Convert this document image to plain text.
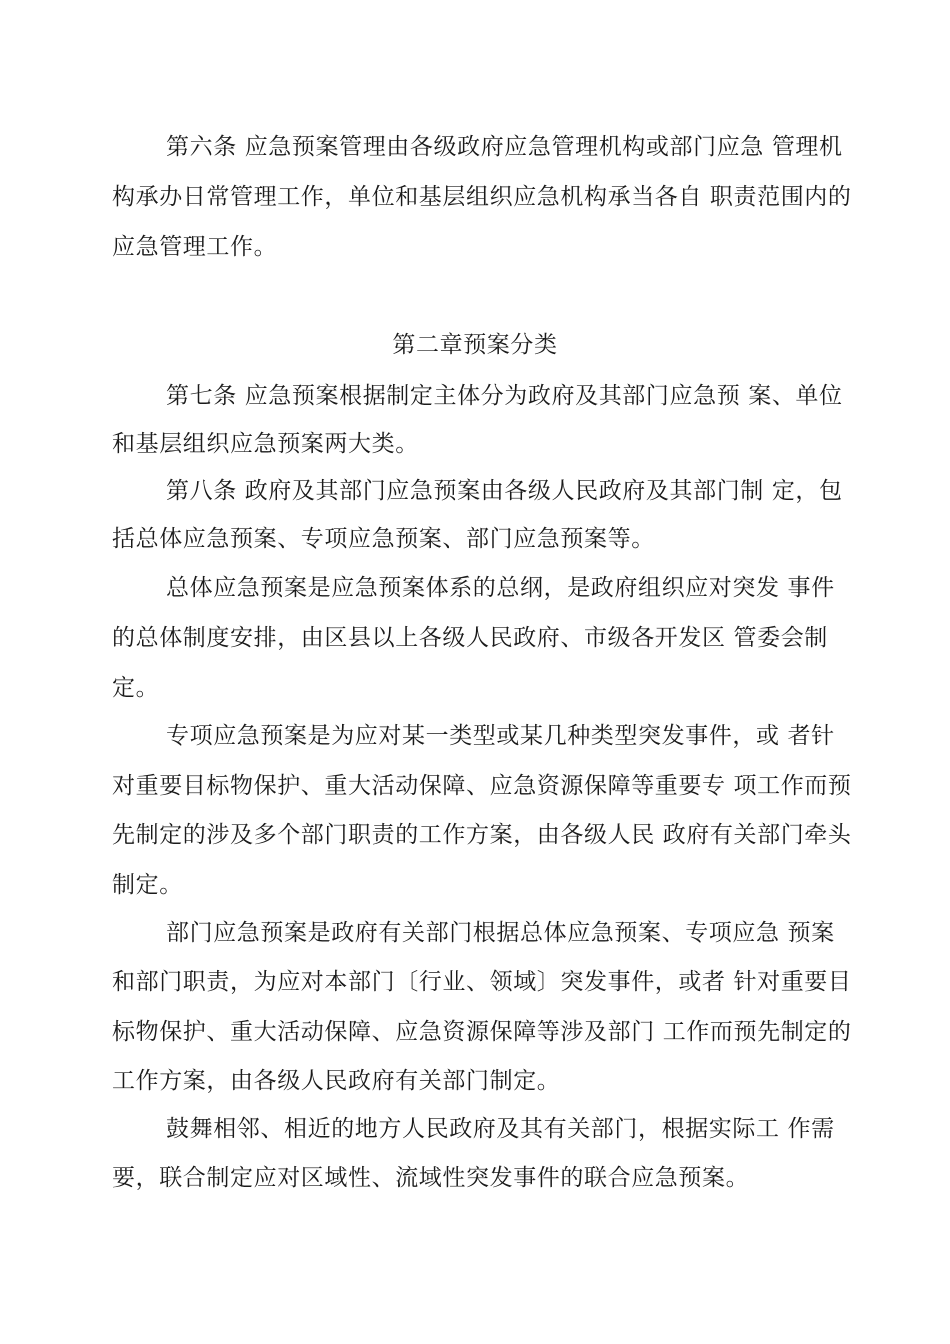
第六条 应急预案管理由各级政府应急管理机构或部门应急 管理机
构承办日常管理工作，单位和基层组织应急机构承当各自 职责范围内的
应急管理工作。
第二章预案分类
第七条 应急预案根据制定主体分为政府及其部门应急预 案、单位
和基层组织应急预案两大类。
第八条 政府及其部门应急预案由各级人民政府及其部门制 定，包
括总体应急预案、专项应急预案、部门应急预案等。
总体应急预案是应急预案体系的总纲，是政府组织应对突发 事件
的总体制度安排，由区县以上各级人民政府、市级各开发区 管委会制
定。
专项应急预案是为应对某一类型或某几种类型突发事件，或 者针
对重要目标物保护、重大活动保障、应急资源保障等重要专 项工作而预
先制定的涉及多个部门职责的工作方案，由各级人民 政府有关部门牵头
制定。
部门应急预案是政府有关部门根据总体应急预案、专项应急 预案
和部门职责，为应对本部门〔行业、领域〕突发事件，或者 针对重要目
标物保护、重大活动保障、应急资源保障等涉及部门 工作而预先制定的
工作方案，由各级人民政府有关部门制定。
鼓舞相邻、相近的地方人民政府及其有关部门，根据实际工 作需
要，联合制定应对区域性、流域性突发事件的联合应急预案。
